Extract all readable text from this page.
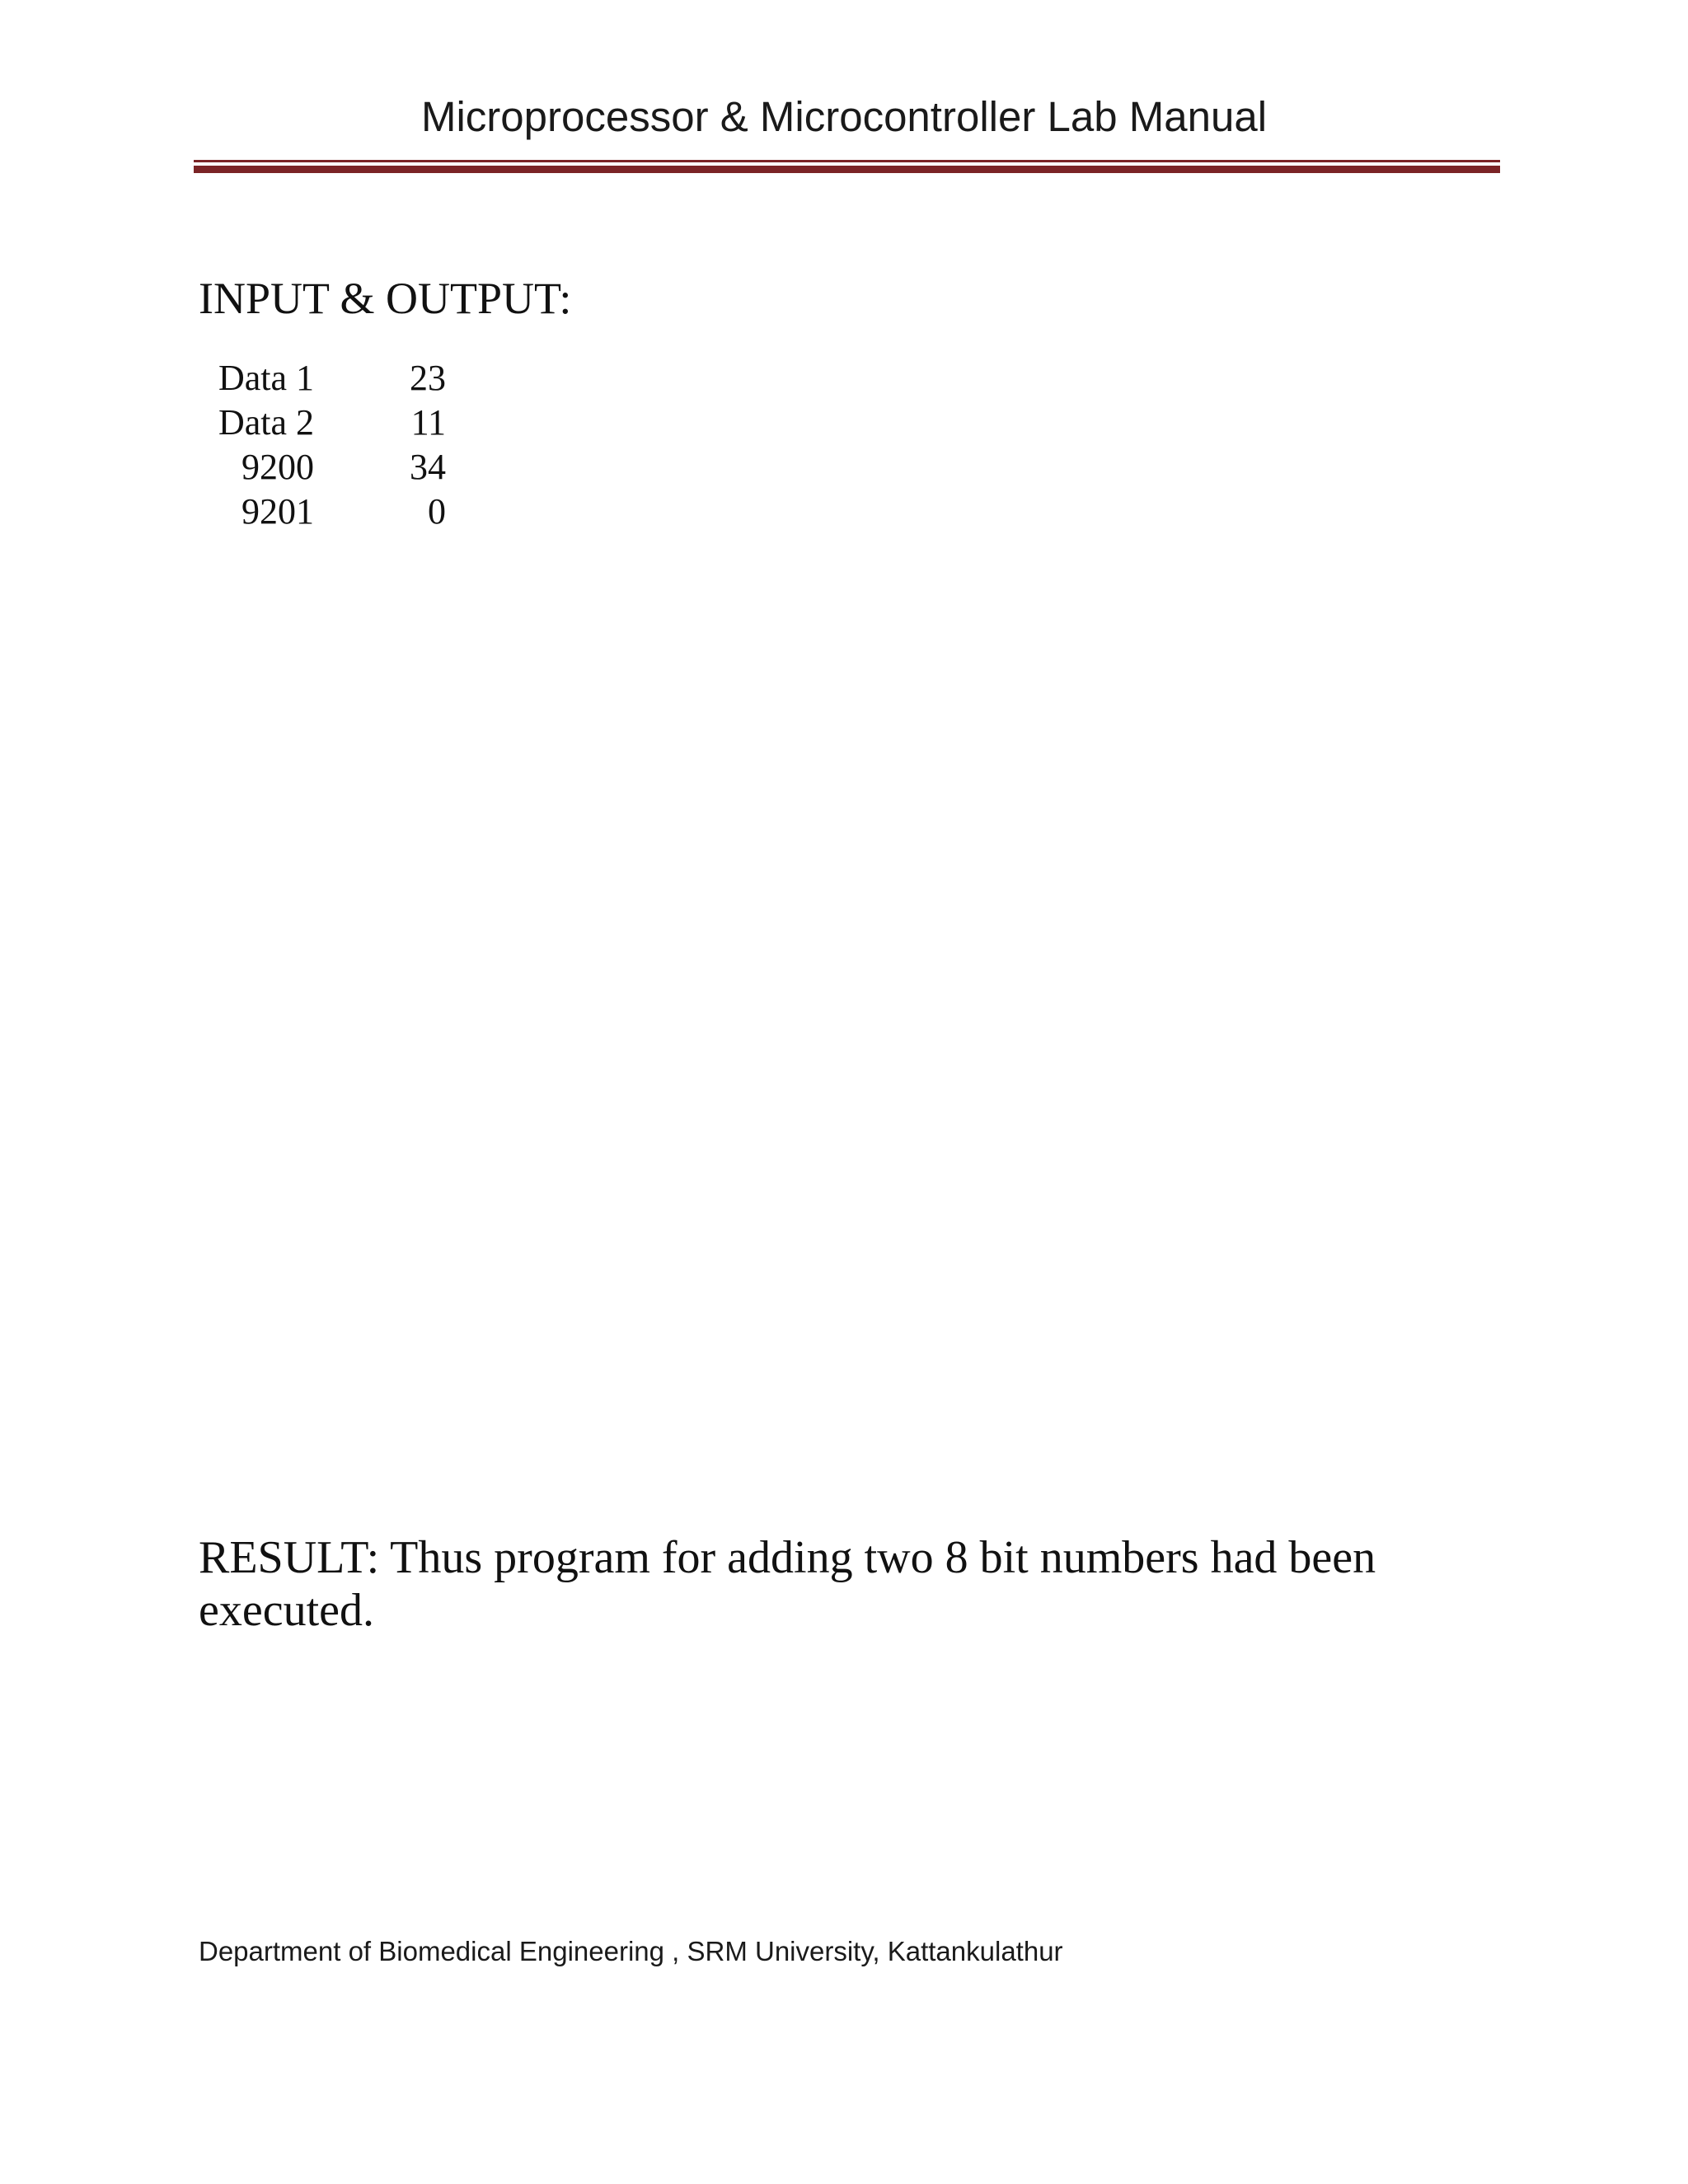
Microprocessor & Microcontroller Lab Manual
INPUT & OUTPUT:
Data 1	23
Data 2	11
9200	34
9201	0
RESULT: Thus program for adding two 8 bit numbers had been executed.
Department of Biomedical Engineering , SRM University, Kattankulathur
